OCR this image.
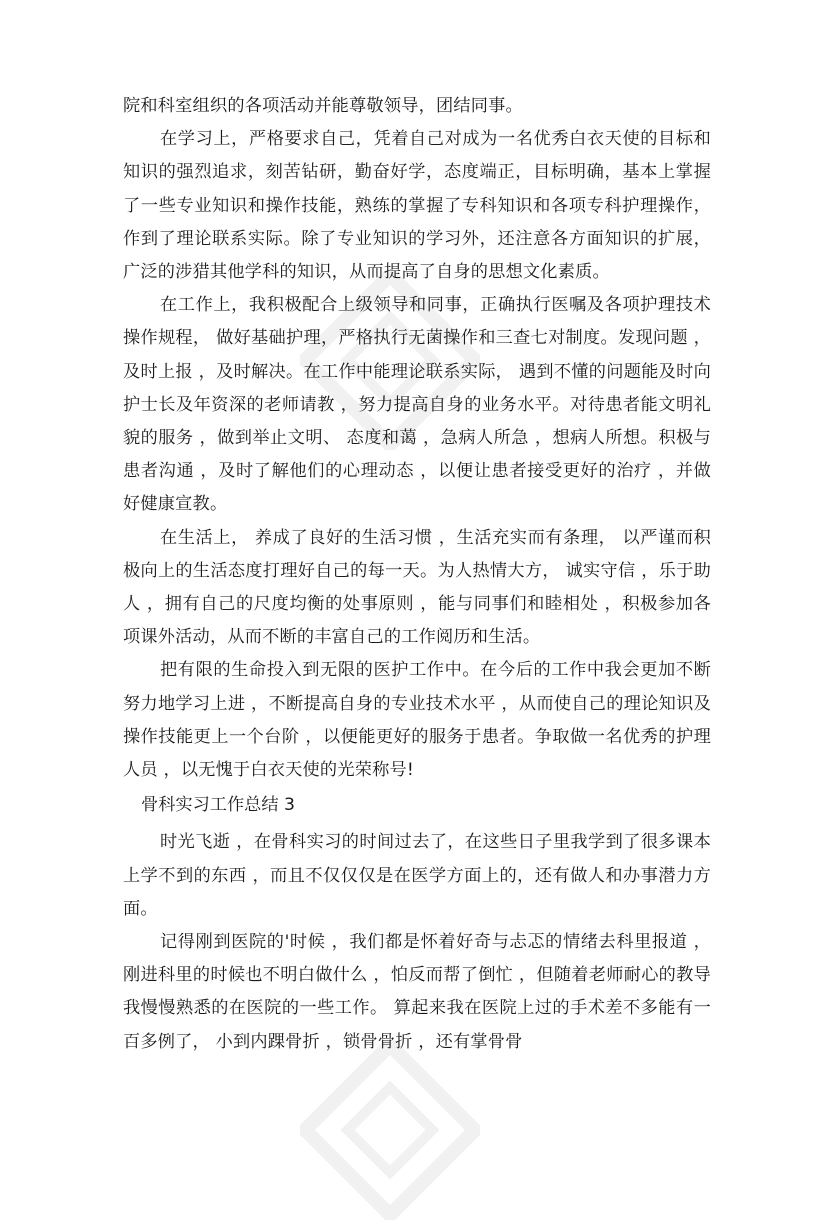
院和科室组织的各项活动并能尊敬领导，团结同事。

在学习上，严格要求自己，凭着自己对成为一名优秀白衣天使的目标和知识的强烈追求，刻苦钻研，勤奋好学，态度端正，目标明确，基本上掌握了一些专业知识和操作技能，熟练的掌握了专科知识和各项专科护理操作，作到了理论联系实际。除了专业知识的学习外，还注意各方面知识的扩展，广泛的涉猎其他学科的知识，从而提高了自身的思想文化素质。

在工作上，我积极配合上级领导和同事，正确执行医嘱及各项护理技术操作规程， 做好基础护理，严格执行无菌操作和三查七对制度。发现问题 ，及时上报 ，及时解决。在工作中能理论联系实际， 遇到不懂的问题能及时向护士长及年资深的老师请教 ，努力提高自身的业务水平。对待患者能文明礼貌的服务 ，做到举止文明、 态度和蔼 ，急病人所急 ，想病人所想。积极与患者沟通 ，及时了解他们的心理动态 ，以便让患者接受更好的治疗 ，并做好健康宣教。

在生活上， 养成了良好的生活习惯 ，生活充实而有条理， 以严谨而积极向上的生活态度打理好自己的每一天。为人热情大方， 诚实守信 ，乐于助人 ，拥有自己的尺度均衡的处事原则 ，能与同事们和睦相处 ，积极参加各项课外活动，从而不断的丰富自己的工作阅历和生活。

把有限的生命投入到无限的医护工作中。在今后的工作中我会更加不断努力地学习上进 ，不断提高自身的专业技术水平 ，从而使自己的理论知识及操作技能更上一个台阶 ，以便能更好的服务于患者。争取做一名优秀的护理人员 ，以无愧于白衣天使的光荣称号!

骨科实习工作总结 3

时光飞逝 ，在骨科实习的时间过去了，在这些日子里我学到了很多课本上学不到的东西 ，而且不仅仅仅是在医学方面上的，还有做人和办事潜力方面。

记得刚到医院的'时候 ，我们都是怀着好奇与忐忑的情绪去科里报道 ，刚进科里的时候也不明白做什么 ，怕反而帮了倒忙 ，但随着老师耐心的教导我慢慢熟悉的在医院的一些工作。 算起来我在医院上过的手术差不多能有一百多例了， 小到内踝骨折 ，锁骨骨折 ，还有掌骨骨
